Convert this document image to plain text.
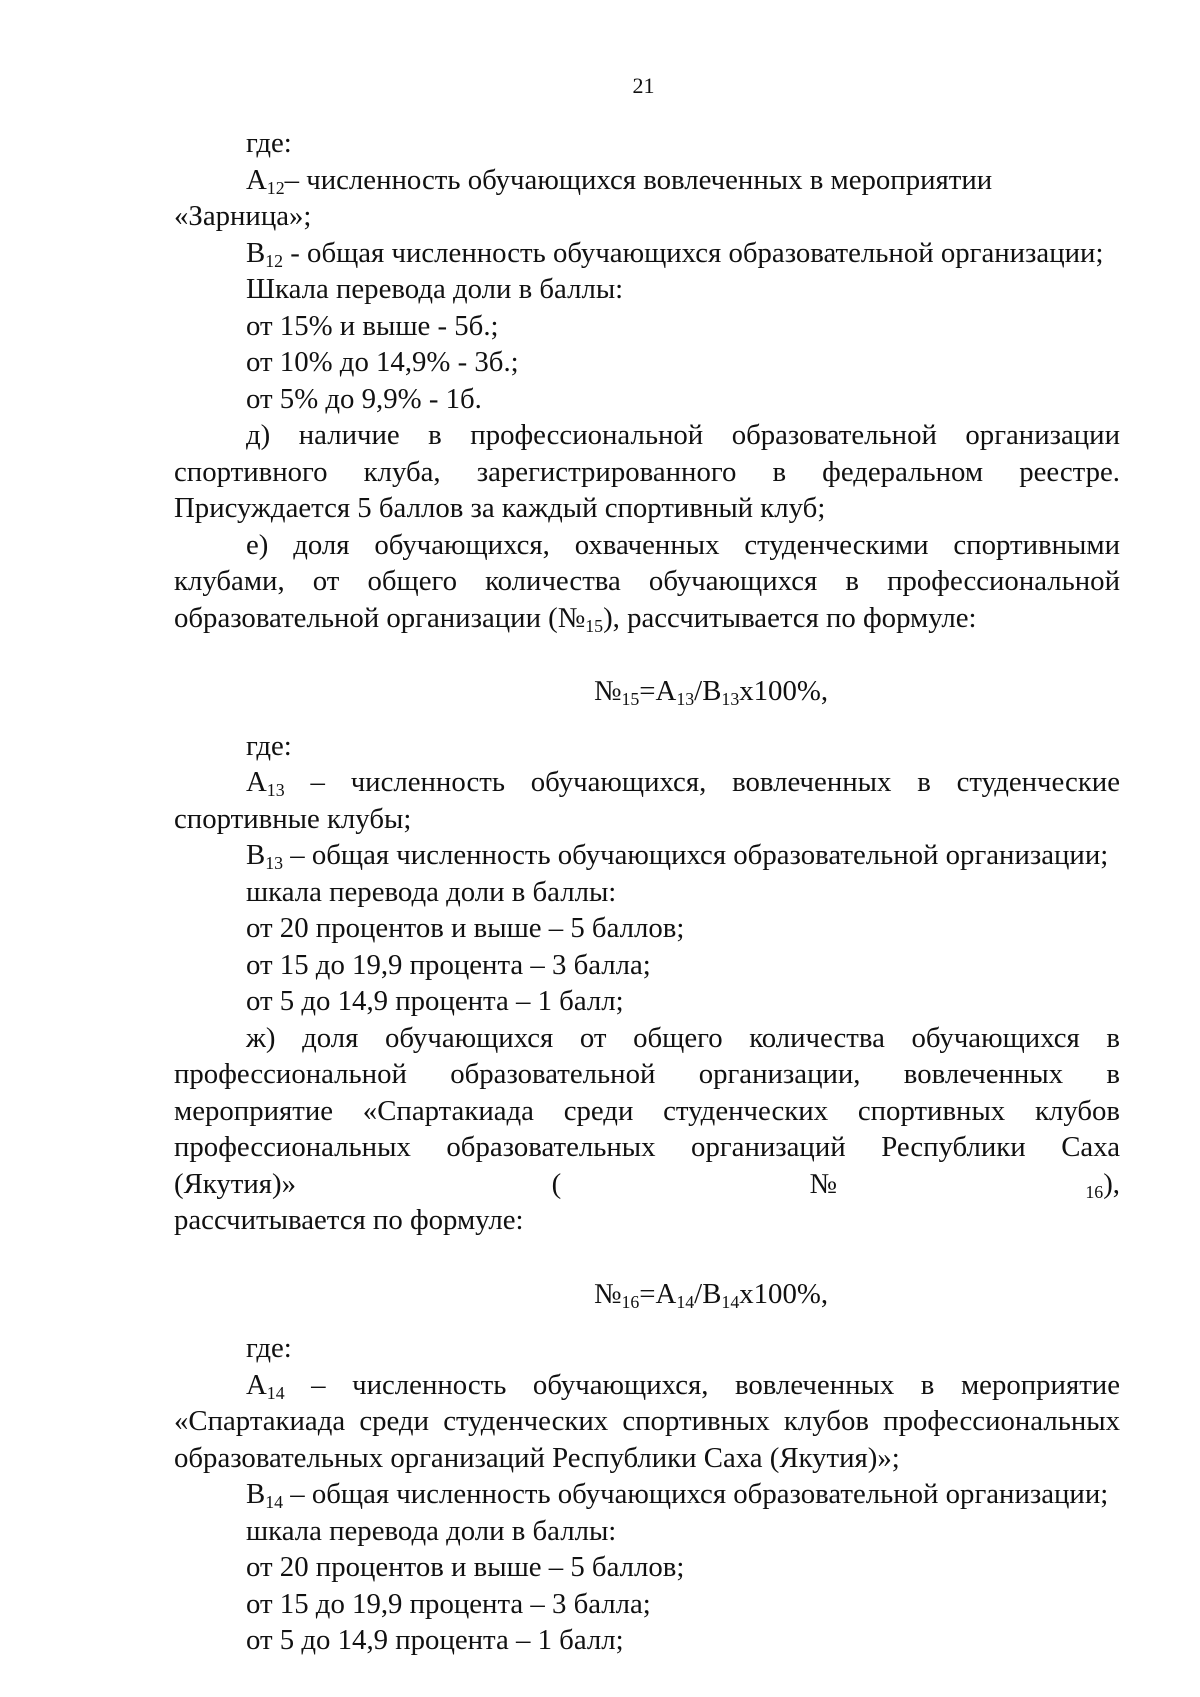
21

где:

$А_{12}-$ численность обучающихся вовлеченных в мероприятии «Зарница»;

$В_{12}$ - общая численность обучающихся образовательной организации;

Шкала перевода доли в баллы:

от 15% и выше - 5б.;

от 10% до 14,9% - 3б.;

от 5% до 9,9% - 1б.

д) наличие в профессиональной образовательной организации спортивного клуба, зарегистрированного в федеральном реестре.

Присуждается 5 баллов за каждый спортивный клуб;

е) доля обучающихся, охваченных студенческими спортивными клубами, от общего количества обучающихся в профессиональной

образовательной организации $(№_{15})$, рассчитывается по формуле:

$№_{15}=А_{13}/В_{13}х100\%$,

где:

$А_{13}$ – численность обучающихся, вовлеченных в студенческие

спортивные клубы;

$В_{13}$ – общая численность обучающихся образовательной организации;

шкала перевода доли в баллы:

от 20 процентов и выше – 5 баллов;

от 15 до 19,9 процента – 3 балла;

от 5 до 14,9 процента – 1 балл;

ж) доля обучающихся от общего количества обучающихся в профессиональной образовательной организации, вовлеченных в мероприятие «Спартакиада среди студенческих спортивных клубов профессиональных образовательных организаций Республики Саха (Якутия)» $(№_{16})$,

рассчитывается по формуле:

$№_{16}=А_{14}/В_{14}х100\%$,

где:

$А_{14}$ – численность обучающихся, вовлеченных в мероприятие «Спартакиада среди студенческих спортивных клубов профессиональных

образовательных организаций Республики Саха (Якутия)»;

$В_{14}$ – общая численность обучающихся образовательной организации;

шкала перевода доли в баллы:

от 20 процентов и выше – 5 баллов;

от 15 до 19,9 процента – 3 балла;

от 5 до 14,9 процента – 1 балл;
